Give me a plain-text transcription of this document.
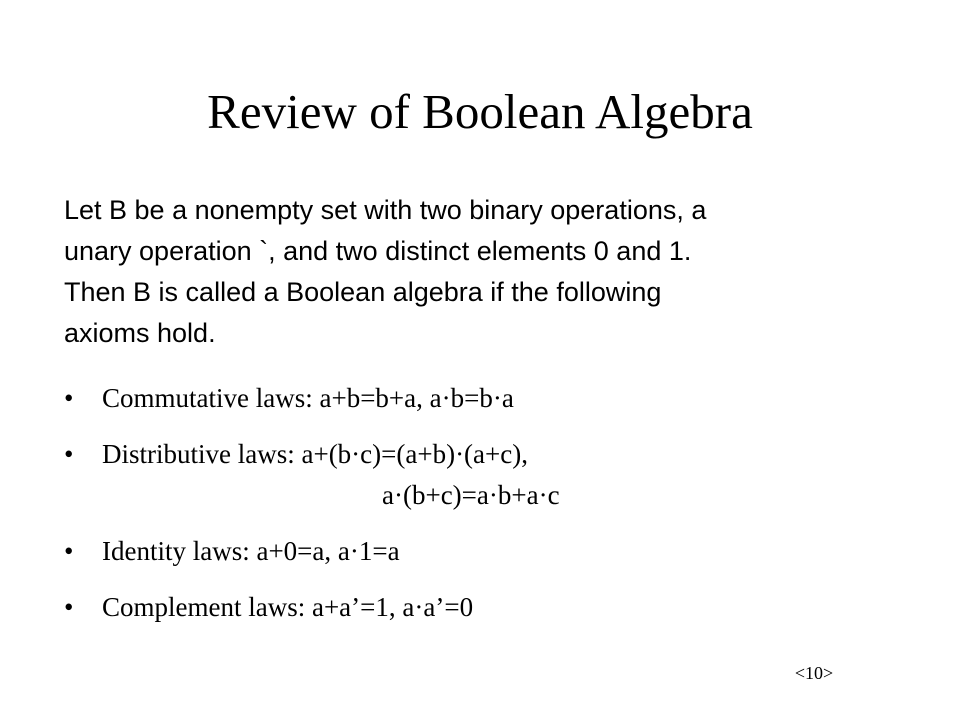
Review of Boolean Algebra
Let B be a nonempty set with two binary operations, a
unary operation `, and two distinct elements 0 and 1.
Then B is called a Boolean algebra if the following
axioms hold.
• Commutative laws: a+b=b+a, a·b=b·a
• Distributive laws: a+(b·c)=(a+b)·(a+c),
a·(b+c)=a·b+a·c
• Identity laws: a+0=a, a·1=a
• Complement laws: a+a’=1, a·a’=0
<10>
